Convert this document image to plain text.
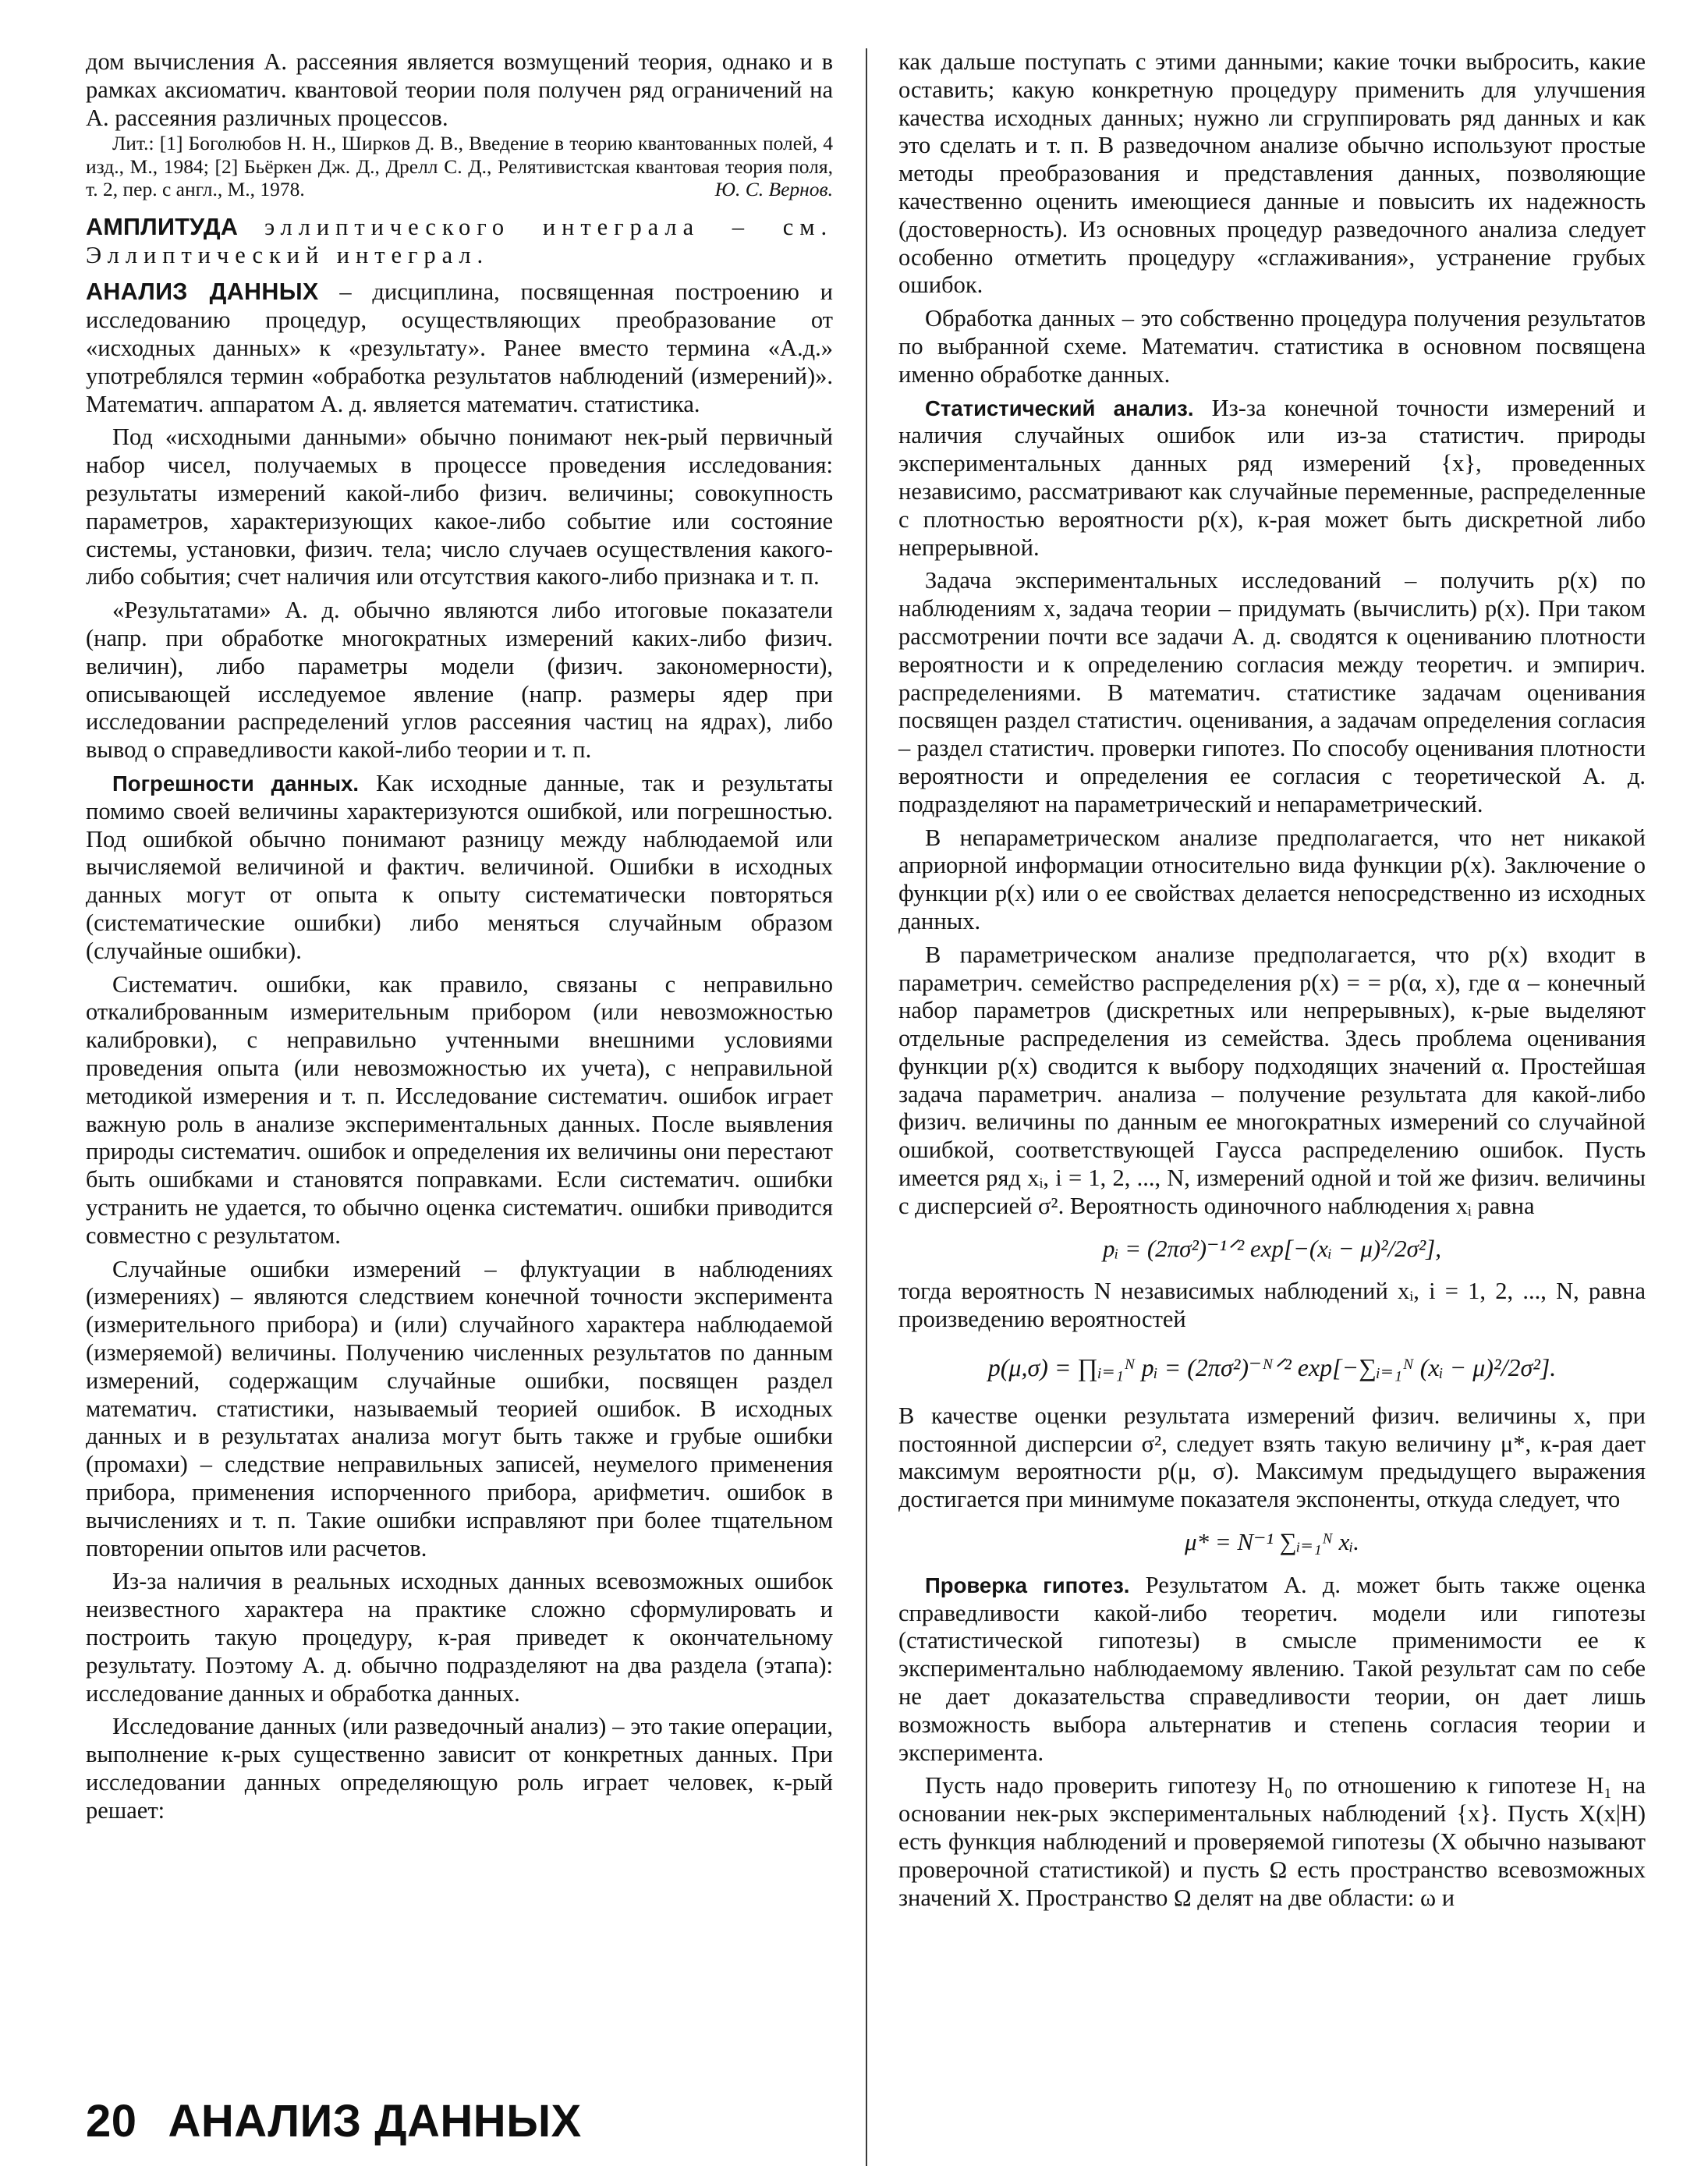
дом вычисления А. рассеяния является возмущений теория, однако и в рамках аксиоматич. квантовой теории поля получен ряд ограничений на А. рассеяния различных процессов.

Лит.: [1] Боголюбов Н. Н., Ширков Д. В., Введение в теорию квантованных полей, 4 изд., М., 1984; [2] Бьёркен Дж. Д., Дрелл С. Д., Релятивистская квантовая теория поля, т. 2, пер. с англ., М., 1978.	Ю. С. Вернов.

АМПЛИТУДА эллиптического интеграла – см. Эллиптический интеграл.

АНАЛИЗ ДАННЫХ – дисциплина, посвященная построению и исследованию процедур, осуществляющих преобразование от «исходных данных» к «результату». Ранее вместо термина «А.д.» употреблялся термин «обработка результатов наблюдений (измерений)». Математич. аппаратом А. д. является математич. статистика.

Под «исходными данными» обычно понимают нек-рый первичный набор чисел, получаемых в процессе проведения исследования: результаты измерений какой-либо физич. величины; совокупность параметров, характеризующих какое-либо событие или состояние системы, установки, физич. тела; число случаев осуществления какого-либо события; счет наличия или отсутствия какого-либо признака и т. п.

«Результатами» А. д. обычно являются либо итоговые показатели (напр. при обработке многократных измерений каких-либо физич. величин), либо параметры модели (физич. закономерности), описывающей исследуемое явление (напр. размеры ядер при исследовании распределений углов рассеяния частиц на ядрах), либо вывод о справедливости какой-либо теории и т. п.

Погрешности данных. Как исходные данные, так и результаты помимо своей величины характеризуются ошибкой, или погрешностью. Под ошибкой обычно понимают разницу между наблюдаемой или вычисляемой величиной и фактич. величиной. Ошибки в исходных данных могут от опыта к опыту систематически повторяться (систематические ошибки) либо меняться случайным образом (случайные ошибки).

Систематич. ошибки, как правило, связаны с неправильно откалиброванным измерительным прибором (или невозможностью калибровки), с неправильно учтенными внешними условиями проведения опыта (или невозможностью их учета), с неправильной методикой измерения и т. п. Исследование систематич. ошибок играет важную роль в анализе экспериментальных данных. После выявления природы систематич. ошибок и определения их величины они перестают быть ошибками и становятся поправками. Если систематич. ошибки устранить не удается, то обычно оценка систематич. ошибки приводится совместно с результатом.

Случайные ошибки измерений – флуктуации в наблюдениях (измерениях) – являются следствием конечной точности эксперимента (измерительного прибора) и (или) случайного характера наблюдаемой (измеряемой) величины. Получению численных результатов по данным измерений, содержащим случайные ошибки, посвящен раздел математич. статистики, называемый теорией ошибок. В исходных данных и в результатах анализа могут быть также и грубые ошибки (промахи) – следствие неправильных записей, неумелого применения прибора, применения испорченного прибора, арифметич. ошибок в вычислениях и т. п. Такие ошибки исправляют при более тщательном повторении опытов или расчетов.

Из-за наличия в реальных исходных данных всевозможных ошибок неизвестного характера на практике сложно сформулировать и построить такую процедуру, к-рая приведет к окончательному результату. Поэтому А. д. обычно подразделяют на два раздела (этапа): исследование данных и обработка данных.

Исследование данных (или разведочный анализ) – это такие операции, выполнение к-рых существенно зависит от конкретных данных. При исследовании данных определяющую роль играет человек, к-рый решает:

как дальше поступать с этими данными; какие точки выбросить, какие оставить; какую конкретную процедуру применить для улучшения качества исходных данных; нужно ли сгруппировать ряд данных и как это сделать и т. п. В разведочном анализе обычно используют простые методы преобразования и представления данных, позволяющие качественно оценить имеющиеся данные и повысить их надежность (достоверность). Из основных процедур разведочного анализа следует особенно отметить процедуру «сглаживания», устранение грубых ошибок.

Обработка данных – это собственно процедура получения результатов по выбранной схеме. Математич. статистика в основном посвящена именно обработке данных.

Статистический анализ. Из-за конечной точности измерений и наличия случайных ошибок или из-за статистич. природы экспериментальных данных ряд измерений {x}, проведенных независимо, рассматривают как случайные переменные, распределенные с плотностью вероятности p(x), к-рая может быть дискретной либо непрерывной.

Задача экспериментальных исследований – получить p(x) по наблюдениям x, задача теории – придумать (вычислить) p(x). При таком рассмотрении почти все задачи А. д. сводятся к оцениванию плотности вероятности и к определению согласия между теоретич. и эмпирич. распределениями. В математич. статистике задачам оценивания посвящен раздел статистич. оценивания, а задачам определения согласия – раздел статистич. проверки гипотез. По способу оценивания плотности вероятности и определения ее согласия с теоретической А. д. подразделяют на параметрический и непараметрический.

В непараметрическом анализе предполагается, что нет никакой априорной информации относительно вида функции p(x). Заключение о функции p(x) или о ее свойствах делается непосредственно из исходных данных.

В параметрическом анализе предполагается, что p(x) входит в параметрич. семейство распределения p(x) = = p(α, x), где α – конечный набор параметров (дискретных или непрерывных), к-рые выделяют отдельные распределения из семейства. Здесь проблема оценивания функции p(x) сводится к выбору подходящих значений α. Простейшая задача параметрич. анализа – получение результата для какой-либо физич. величины по данным ее многократных измерений со случайной ошибкой, соответствующей Гаусса распределению ошибок. Пусть имеется ряд xᵢ, i = 1, 2, ..., N, измерений одной и той же физич. величины с дисперсией σ². Вероятность одиночного наблюдения xᵢ равна

pᵢ = (2πσ²)⁻¹ᐟ² exp[−(xᵢ − μ)²/2σ²],

тогда вероятность N независимых наблюдений xᵢ, i = 1, 2, ..., N, равна произведению вероятностей

p(μ,σ) = ∏ᵢ₌₁ᴺ pᵢ = (2πσ²)⁻ᴺᐟ² exp[−∑ᵢ₌₁ᴺ (xᵢ − μ)²/2σ²].

В качестве оценки результата измерений физич. величины x, при постоянной дисперсии σ², следует взять такую величину μ*, к-рая дает максимум вероятности p(μ, σ). Максимум предыдущего выражения достигается при минимуме показателя экспоненты, откуда следует, что

μ* = N⁻¹ ∑ᵢ₌₁ᴺ xᵢ.

Проверка гипотез. Результатом А. д. может быть также оценка справедливости какой-либо теоретич. модели или гипотезы (статистической гипотезы) в смысле применимости ее к экспериментально наблюдаемому явлению. Такой результат сам по себе не дает доказательства справедливости теории, он дает лишь возможность выбора альтернатив и степень согласия теории и эксперимента.

Пусть надо проверить гипотезу H₀ по отношению к гипотезе H₁ на основании нек-рых экспериментальных наблюдений {x}. Пусть X(x|H) есть функция наблюдений и проверяемой гипотезы (X обычно называют проверочной статистикой) и пусть Ω есть пространство всевозможных значений X. Пространство Ω делят на две области: ω и

20 АНАЛИЗ ДАННЫХ
